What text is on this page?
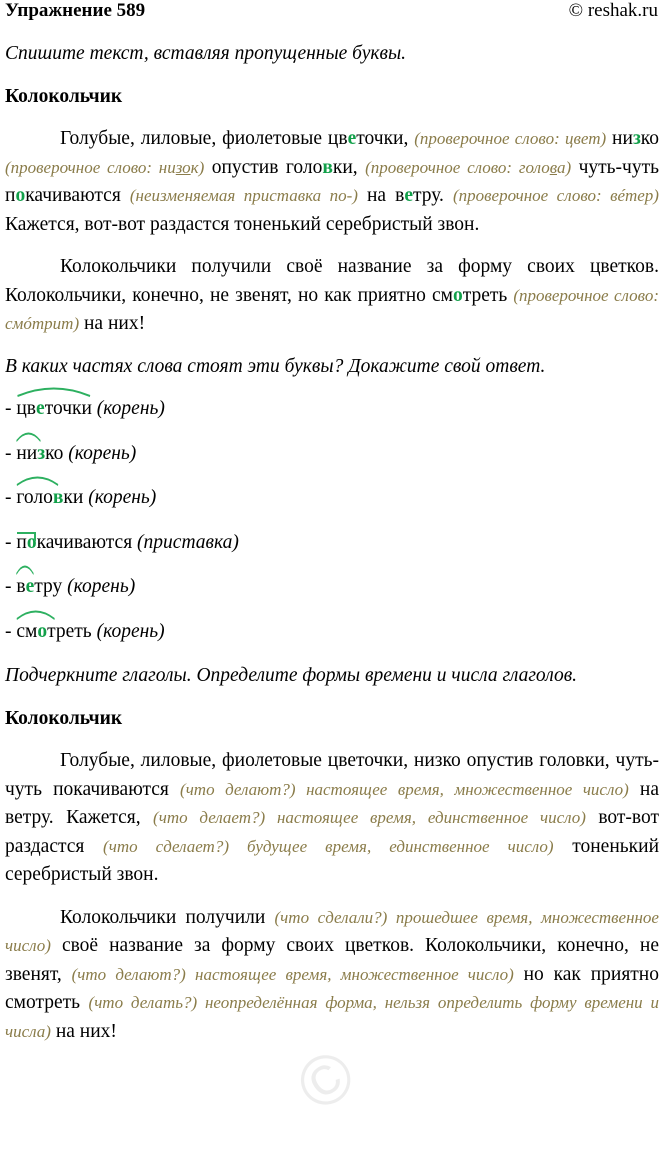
Упражнение 589	© reshak.ru

Спишите текст, вставляя пропущенные буквы.

Колокольчик

Голубые, лиловые, фиолетовые цветочки, (проверочное слово: цвет) низко (проверочное слово: низок) опустив головки, (проверочное слово: голова) чуть-чуть покачиваются (неизменяемая приставка по-) на ветру. (проверочное слово: вéтер) Кажется, вот-вот раздастся тоненький серебристый звон.

Колокольчики получили своё название за форму своих цветков. Колокольчики, конечно, не звенят, но как приятно смотреть (проверочное слово: смóтрит) на них!

В каких частях слова стоят эти буквы? Докажите свой ответ.

-
цветочки (корень)
-
низко (корень)
-
головки (корень)
-
покачиваются (приставка)
-
ветру (корень)
-
смотреть (корень)

Подчеркните глаголы. Определите формы времени и числа глаголов.

Колокольчик

Голубые, лиловые, фиолетовые цветочки, низко опустив головки, чуть-чуть покачиваются (что делают?) настоящее время, множественное число) на ветру. Кажется, (что делает?) настоящее время, единственное число) вот-вот раздастся (что сделает?) будущее время, единственное число) тоненький серебристый звон.

Колокольчики получили (что сделали?) прошедшее время, множественное число) своё название за форму своих цветков. Колокольчики, конечно, не звенят, (что делают?) настоящее время, множественное число) но как приятно смотреть (что делать?) неопределённая форма, нельзя определить форму времени и числа) на них!

©
